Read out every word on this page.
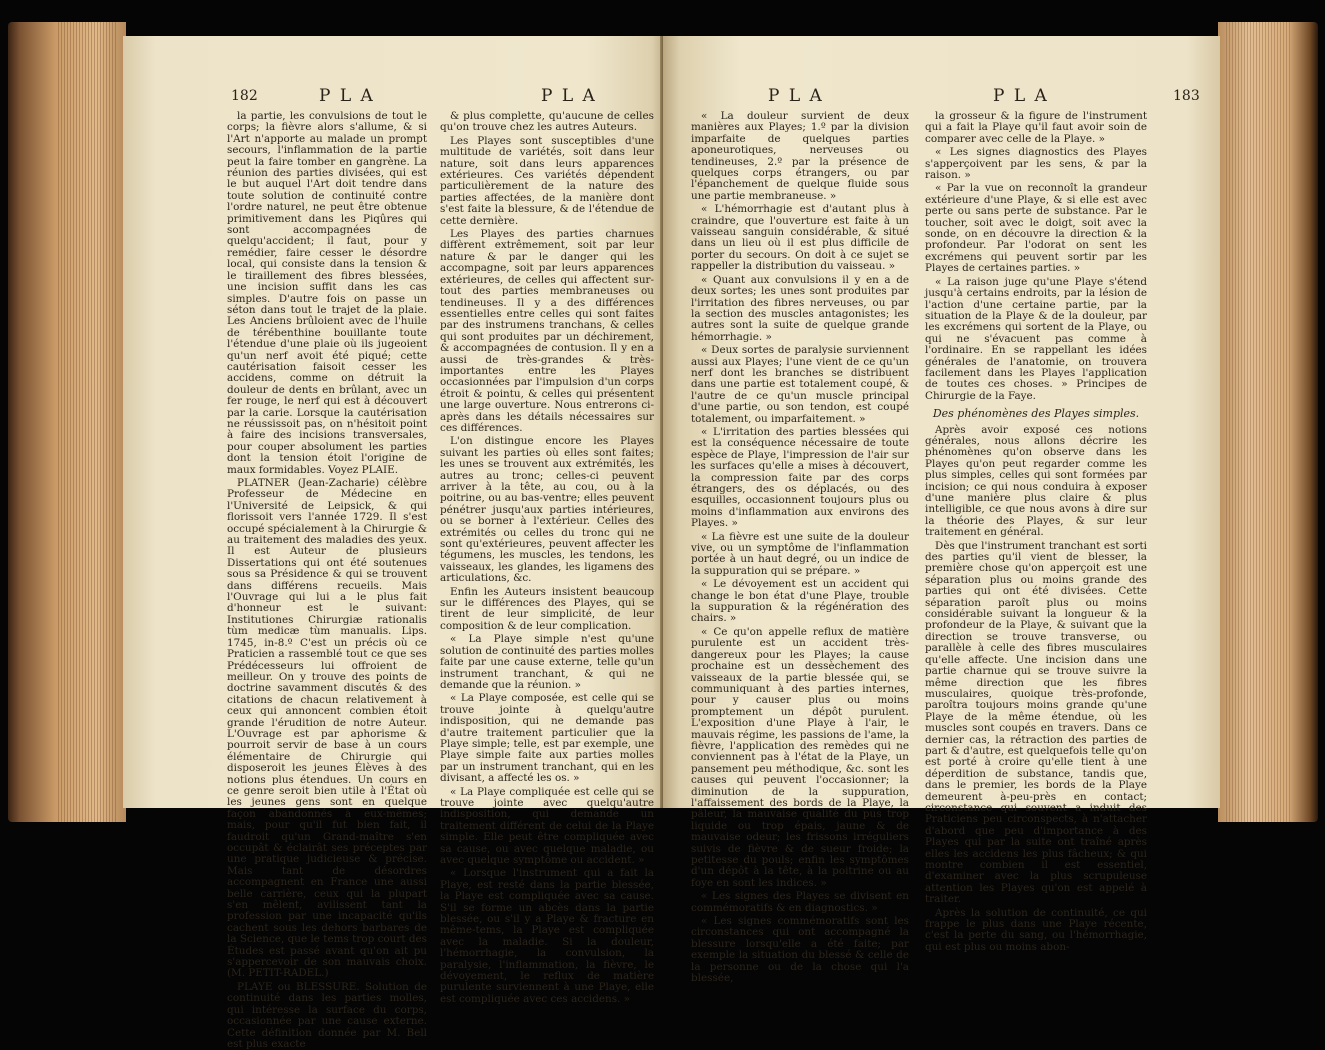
182	P L A	P L A

la partie, les convulsions de tout le corps; la fièvre alors s'allume, & si l'Art n'apporte au malade un prompt secours, l'inflammation de la partie peut la faire tomber en gangrène. La réunion des parties divisées, qui est le but auquel l'Art doit tendre dans toute solution de continuité contre l'ordre naturel, ne peut être obtenue primitivement dans les Piqûres qui sont accompagnées de quelqu'accident; il faut, pour y remédier, faire cesser le désordre local, qui consiste dans la tension & le tiraillement des fibres blessées, une incision suffit dans les cas simples. D'autre fois on passe un séton dans tout le trajet de la plaie. Les Anciens brûloient avec de l'huile de térébenthine bouillante toute l'étendue d'une plaie où ils jugeoient qu'un nerf avoit été piqué; cette cautérisation faisoit cesser les accidens, comme on détruit la douleur de dents en brûlant, avec un fer rouge, le nerf qui est à découvert par la carie. Lorsque la cautérisation ne réussissoit pas, on n'hésitoit point à faire des incisions transversales, pour couper absolument les parties dont la tension étoit l'origine de maux formidables. Voyez PLAIE.

PLATNER (Jean-Zacharie) célèbre Professeur de Médecine en l'Université de Leipsick, & qui florissoit vers l'année 1729. Il s'est occupé spécialement à la Chirurgie & au traitement des maladies des yeux. Il est Auteur de plusieurs Dissertations qui ont été soutenues sous sa Présidence & qui se trouvent dans différens recueils. Mais l'Ouvrage qui lui a le plus fait d'honneur est le suivant: Institutiones Chirurgiæ rationalis tùm medicæ tùm manualis. Lips. 1745, in-8.º C'est un précis où ce Praticien a rassemblé tout ce que ses Prédécesseurs lui offroient de meilleur. On y trouve des points de doctrine savamment discutés & des citations de chacun relativement à ceux qui annoncent combien étoit grande l'érudition de notre Auteur. L'Ouvrage est par aphorisme & pourroit servir de base à un cours élémentaire de Chirurgie qui disposeroit les jeunes Élèves à des notions plus étendues. Un cours en ce genre seroit bien utile à l'État où les jeunes gens sont en quelque façon abandonnés à eux-mêmes; mais, pour qu'il fut bien fait, il faudroit qu'un Grand-maître s'en occupât & éclairât ses préceptes par une pratique judicieuse & précise. Mais tant de désordres accompagnent en France une aussi belle carrière, ceux qui la plupart s'en mêlent, avilissent tant la profession par une incapacité qu'ils cachent sous les dehors barbares de la Science, que le tems trop court des Études est passé avant qu'on ait pu s'appercevoir de son mauvais choix. (M. PETIT-RADEL.)

PLAYE ou BLESSURE. Solution de continuité dans les parties molles, qui intéresse la surface du corps, occasionnée par une cause externe. Cette définition donnée par M. Bell est plus exacte

& plus complette, qu'aucune de celles qu'on trouve chez les autres Auteurs.

Les Playes sont susceptibles d'une multitude de variétés, soit dans leur nature, soit dans leurs apparences extérieures. Ces variétés dépendent particulièrement de la nature des parties affectées, de la manière dont s'est faite la blessure, & de l'étendue de cette dernière.

Les Playes des parties charnues diffèrent extrêmement, soit par leur nature & par le danger qui les accompagne, soit par leurs apparences extérieures, de celles qui affectent sur-tout des parties membraneuses ou tendineuses. Il y a des différences essentielles entre celles qui sont faites par des instrumens tranchans, & celles qui sont produites par un déchirement, & accompagnées de contusion. Il y en a aussi de très-grandes & très-importantes entre les Playes occasionnées par l'impulsion d'un corps étroit & pointu, & celles qui présentent une large ouverture. Nous entrerons ci-après dans les détails nécessaires sur ces différences.

L'on distingue encore les Playes suivant les parties où elles sont faites; les unes se trouvent aux extrémités, les autres au tronc; celles-ci peuvent arriver à la tête, au cou, ou à la poitrine, ou au bas-ventre; elles peuvent pénétrer jusqu'aux parties intérieures, ou se borner à l'extérieur. Celles des extrémités ou celles du tronc qui ne sont qu'extérieures, peuvent affecter les tégumens, les muscles, les tendons, les vaisseaux, les glandes, les ligamens des articulations, &c.

Enfin les Auteurs insistent beaucoup sur le différences des Playes, qui se tirent de leur simplicité, de leur composition & de leur complication.

« La Playe simple n'est qu'une solution de continuité des parties molles faite par une cause externe, telle qu'un instrument tranchant, & qui ne demande que la réunion. »

« La Playe composée, est celle qui se trouve jointe à quelqu'autre indisposition, qui ne demande pas d'autre traitement particulier que la Playe simple; telle, est par exemple, une Playe simple faite aux parties molles par un instrument tranchant, qui en les divisant, a affecté les os. »

« La Playe compliquée est celle qui se trouve jointe avec quelqu'autre indisposition, qui demande un traitement différent de celui de la Playe simple. Elle peut être compliquée avec sa cause, ou avec quelque maladie, ou avec quelque symptôme ou accident. »

« Lorsque l'instrument qui a fait la Playe, est resté dans la partie blessée, la Playe est compliquée avec sa cause. S'il se forme un abcès dans la partie blessée, ou s'il y a Playe & fracture en même-tems, la Playe est compliquée avec la maladie. Si la douleur, l'hémorrhagie, la convulsion, la paralysie, l'inflammation, la fièvre, le dévoyement, le reflux de matière purulente surviennent à une Playe, elle est compliquée avec ces accidens. »

P L A	P L A	183

« La douleur survient de deux manières aux Playes; 1.º par la division imparfaite de quelques parties aponeurotiques, nerveuses ou tendineuses, 2.º par la présence de quelques corps étrangers, ou par l'épanchement de quelque fluide sous une partie membraneuse. »

« L'hémorrhagie est d'autant plus à craindre, que l'ouverture est faite à un vaisseau sanguin considérable, & situé dans un lieu où il est plus difficile de porter du secours. On doit à ce sujet se rappeller la distribution du vaisseau. »

« Quant aux convulsions il y en a de deux sortes; les unes sont produites par l'irritation des fibres nerveuses, ou par la section des muscles antagonistes; les autres sont la suite de quelque grande hémorrhagie. »

« Deux sortes de paralysie surviennent aussi aux Playes; l'une vient de ce qu'un nerf dont les branches se distribuent dans une partie est totalement coupé, & l'autre de ce qu'un muscle principal d'une partie, ou son tendon, est coupé totalement, ou imparfaitement. »

« L'irritation des parties blessées qui est la conséquence nécessaire de toute espèce de Playe, l'impression de l'air sur les surfaces qu'elle a mises à découvert, la compression faite par des corps étrangers, des os déplacés, ou des esquilles, occasionnent toujours plus ou moins d'inflammation aux environs des Playes. »

« La fièvre est une suite de la douleur vive, ou un symptôme de l'inflammation portée à un haut degré, ou un indice de la suppuration qui se prépare. »

« Le dévoyement est un accident qui change le bon état d'une Playe, trouble la suppuration & la régénération des chairs. »

« Ce qu'on appelle reflux de matière purulente est un accident très-dangereux pour les Playes; la cause prochaine est un dessèchement des vaisseaux de la partie blessée qui, se communiquant à des parties internes, pour y causer plus ou moins promptement un dépôt purulent. L'exposition d'une Playe à l'air, le mauvais régime, les passions de l'ame, la fièvre, l'application des remèdes qui ne conviennent pas à l'état de la Playe, un pansement peu méthodique, &c. sont les causes qui peuvent l'occasionner; la diminution de la suppuration, l'affaissement des bords de la Playe, la pâleur, la mauvaise qualité du pus trop liquide ou trop épais, jaune & de mauvaise odeur; les frissons irréguliers suivis de fièvre & de sueur froide; la petitesse du pouls; enfin les symptômes d'un dépôt à la tête, à la poitrine ou au foye en sont les indices. »

« Les signes des Playes se divisent en commémoratifs & en diagnostics. »

« Les signes commémoratifs sont les circonstances qui ont accompagné la blessure lorsqu'elle a été faite; par exemple la situation du blessé & celle de la personne ou de la chose qui l'a blessée,

la grosseur & la figure de l'instrument qui a fait la Playe qu'il faut avoir soin de comparer avec celle de la Playe. »

« Les signes diagnostics des Playes s'apperçoivent par les sens, & par la raison. »

« Par la vue on reconnoît la grandeur extérieure d'une Playe, & si elle est avec perte ou sans perte de substance. Par le toucher, soit avec le doigt, soit avec la sonde, on en découvre la direction & la profondeur. Par l'odorat on sent les excrémens qui peuvent sortir par les Playes de certaines parties. »

« La raison juge qu'une Playe s'étend jusqu'à certains endroits, par la lésion de l'action d'une certaine partie, par la situation de la Playe & de la douleur, par les excrémens qui sortent de la Playe, ou qui ne s'évacuent pas comme à l'ordinaire. En se rappellant les idées générales de l'anatomie, on trouvera facilement dans les Playes l'application de toutes ces choses. » Principes de Chirurgie de la Faye.

Des phénomènes des Playes simples.

Après avoir exposé ces notions générales, nous allons décrire les phénomènes qu'on observe dans les Playes qu'on peut regarder comme les plus simples, celles qui sont formées par incision; ce qui nous conduira à exposer d'une manière plus claire & plus intelligible, ce que nous avons à dire sur la théorie des Playes, & sur leur traitement en général.

Dès que l'instrument tranchant est sorti des parties qu'il vient de blesser, la première chose qu'on apperçoit est une séparation plus ou moins grande des parties qui ont été divisées. Cette séparation paroît plus ou moins considérable suivant la longueur & la profondeur de la Playe, & suivant que la direction se trouve transverse, ou parallèle à celle des fibres musculaires qu'elle affecte. Une incision dans une partie charnue qui se trouve suivre la même direction que les fibres musculaires, quoique très-profonde, paroîtra toujours moins grande qu'une Playe de la même étendue, où les muscles sont coupés en travers. Dans ce dernier cas, la rétraction des parties de part & d'autre, est quelquefois telle qu'on est porté à croire qu'elle tient à une déperdition de substance, tandis que, dans le premier, les bords de la Playe demeurent à-peu-près en contact; circonstance qui souvent a induit des Praticiens peu circonspects, à n'attacher d'abord que peu d'importance à des Playes qui par la suite ont traîné après elles les accidens les plus fâcheux; & qui montre combien il est essentiel, d'examiner avec la plus scrupuleuse attention les Playes qu'on est appelé à traiter.

Après la solution de continuité, ce qui frappe le plus dans une Playe récente, c'est la perte du sang, ou l'hémorrhagie, qui est plus ou moins abon-
